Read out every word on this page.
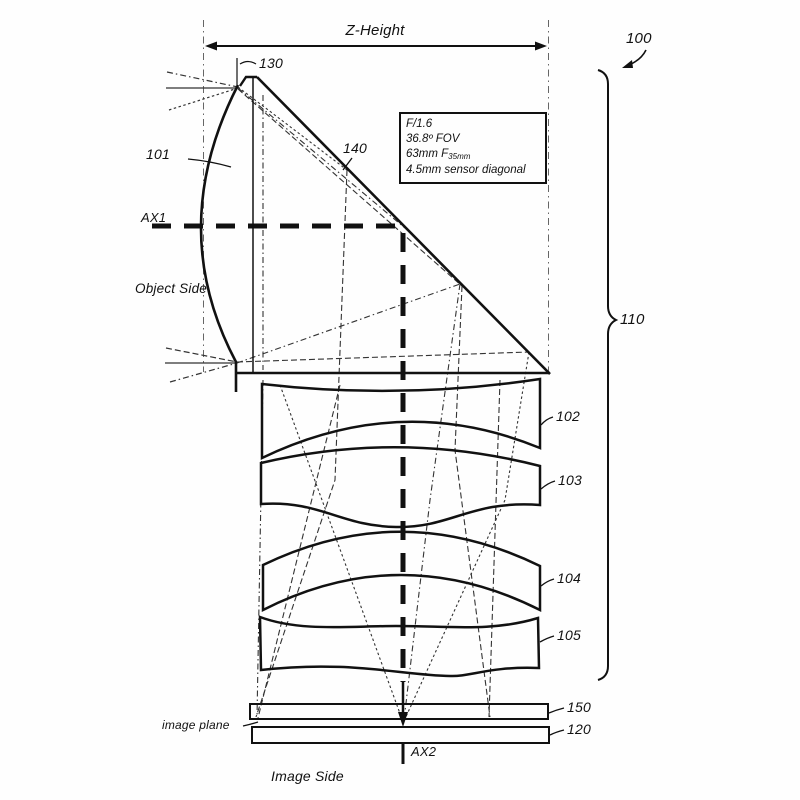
Z-Height	100
130
101	140
AX1
Object Side
F/1.6
36.8º FOV
63mm $F_{35mm}$
4.5mm sensor diagonal
110
102
103
104
105
150
120
image plane
AX2
Image Side
